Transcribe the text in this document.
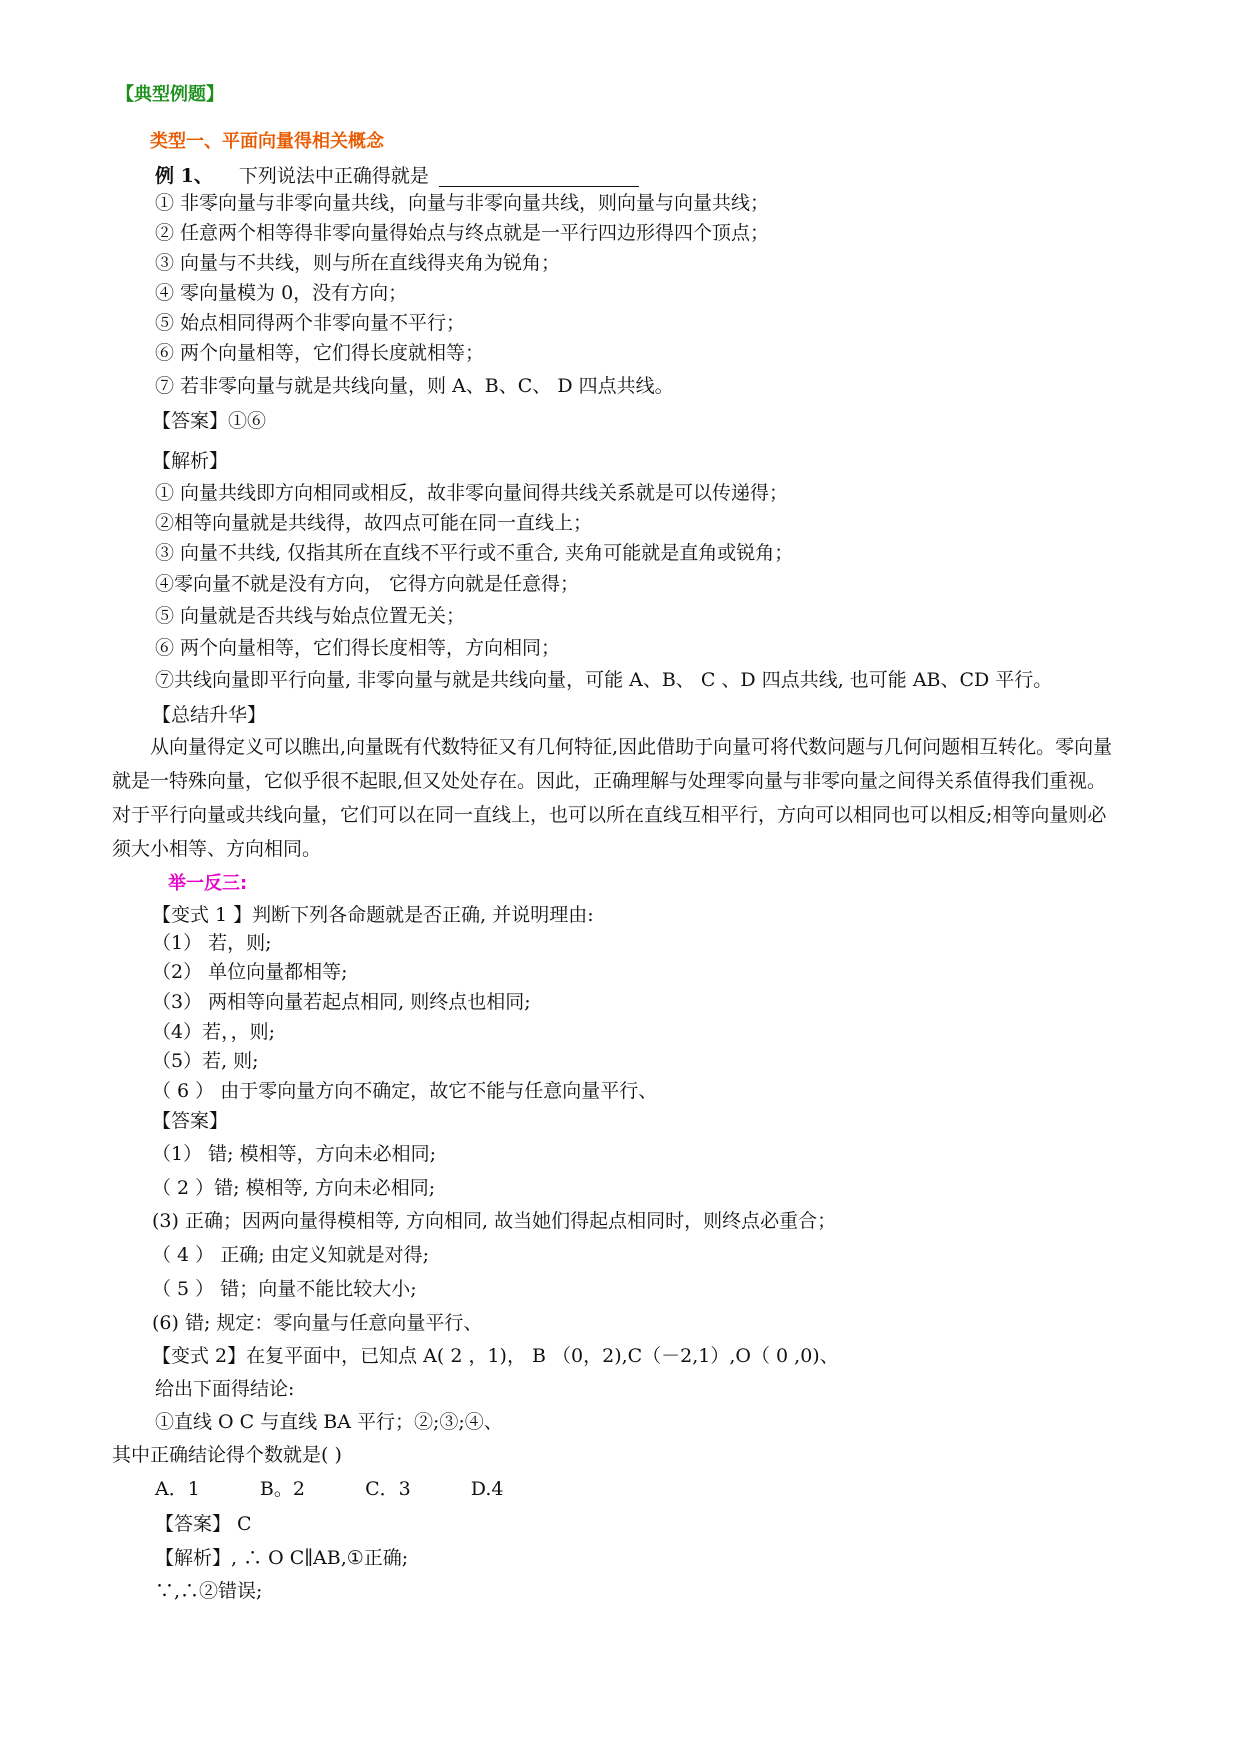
【典型例题】
类型一、平面向量得相关概念
例 1、 下列说法中正确得就是
① 非零向量与非零向量共线，向量与非零向量共线，则向量与向量共线；
② 任意两个相等得非零向量得始点与终点就是一平行四边形得四个顶点；
③ 向量与不共线，则与所在直线得夹角为锐角；
④ 零向量模为 0，没有方向；
⑤ 始点相同得两个非零向量不平行；
⑥ 两个向量相等，它们得长度就相等；
⑦ 若非零向量与就是共线向量，则 A、B、C、 D 四点共线。
【答案】①⑥
【解析】
① 向量共线即方向相同或相反，故非零向量间得共线关系就是可以传递得；
②相等向量就是共线得，故四点可能在同一直线上；
③ 向量不共线, 仅指其所在直线不平行或不重合, 夹角可能就是直角或锐角；
④零向量不就是没有方向， 它得方向就是任意得；
⑤ 向量就是否共线与始点位置无关；
⑥ 两个向量相等，它们得长度相等，方向相同；
⑦共线向量即平行向量, 非零向量与就是共线向量，可能 A、B、 C 、D 四点共线, 也可能 AB、CD 平行。
【总结升华】
从向量得定义可以瞧出,向量既有代数特征又有几何特征,因此借助于向量可将代数问题与几何问题相互转化。零向量就是一特殊向量，它似乎很不起眼,但又处处存在。因此，正确理解与处理零向量与非零向量之间得关系值得我们重视。对于平行向量或共线向量，它们可以在同一直线上，也可以所在直线互相平行，方向可以相同也可以相反;相等向量则必须大小相等、方向相同。
举一反三:
【变式 1 】判断下列各命题就是否正确, 并说明理由:
（1） 若，则;
（2） 单位向量都相等;
（3） 两相等向量若起点相同, 则终点也相同;
（4）若，，则;
（5）若, 则;
（ 6 ） 由于零向量方向不确定，故它不能与任意向量平行、
【答案】
（1） 错; 模相等，方向未必相同;
（ 2 ）错; 模相等, 方向未必相同;
(3) 正确；因两向量得模相等, 方向相同, 故当她们得起点相同时，则终点必重合；
（ 4 ） 正确; 由定义知就是对得;
（ 5 ） 错；向量不能比较大小;
(6) 错; 规定：零向量与任意向量平行、
【变式 2】在复平面中，已知点 A( 2 ，1)， B （0，2),C（－2,1）,O（ 0 ,0)、
给出下面得结论:
①直线 O C 与直线 BA 平行；②;③;④、
其中正确结论得个数就是( )
A．1	B。2	C．3	D.4
【答案】 C
【解析】, ∴ O C∥AB,①正确;
∵,∴②错误;
